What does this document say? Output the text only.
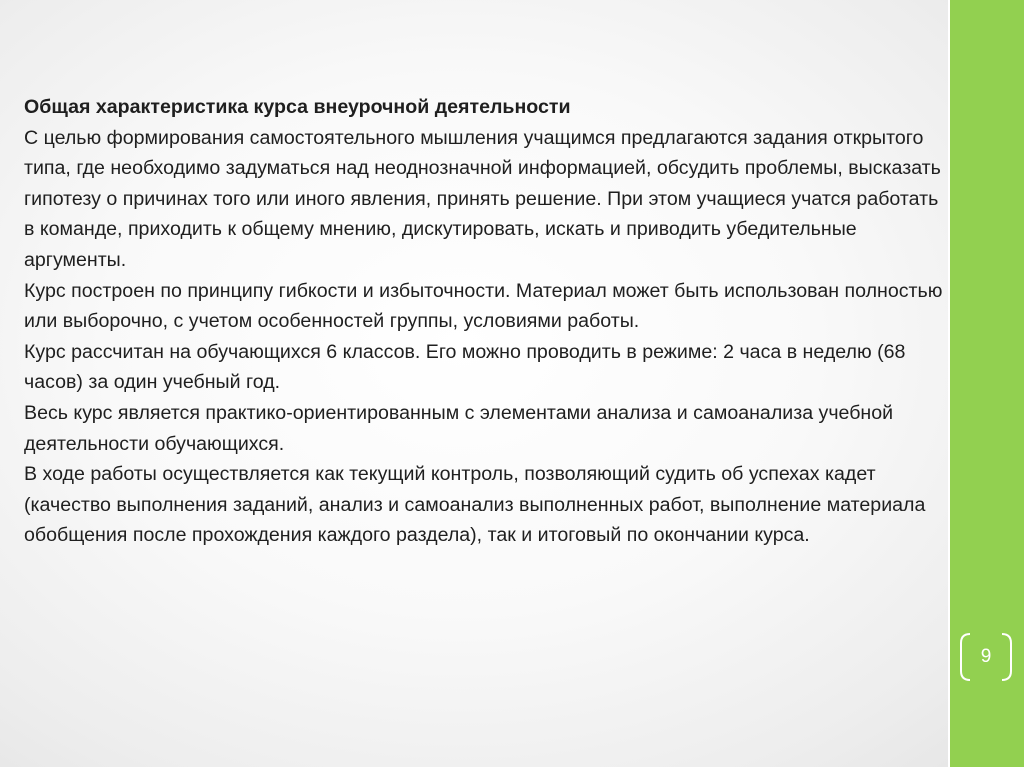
Общая характеристика курса внеурочной деятельности

С целью формирования самостоятельного мышления учащимся предлагаются задания открытого типа, где необходимо задуматься над неоднозначной информацией, обсудить проблемы, высказать гипотезу о причинах того или иного явления, принять решение. При этом учащиеся учатся работать в команде, приходить к общему мнению, дискутировать, искать и приводить убедительные аргументы.

Курс построен по принципу гибкости и избыточности. Материал может быть использован полностью или выборочно, с учетом особенностей группы, условиями работы.

Курс рассчитан на обучающихся 6 классов. Его можно проводить в режиме: 2 часа в неделю (68 часов) за один учебный год.

Весь курс является практико-ориентированным с элементами анализа и самоанализа учебной деятельности обучающихся.

В ходе работы осуществляется как текущий контроль, позволяющий судить об успехах кадет (качество выполнения заданий, анализ и самоанализ выполненных работ, выполнение материала обобщения после прохождения каждого раздела), так и итоговый по окончании курса.

9
